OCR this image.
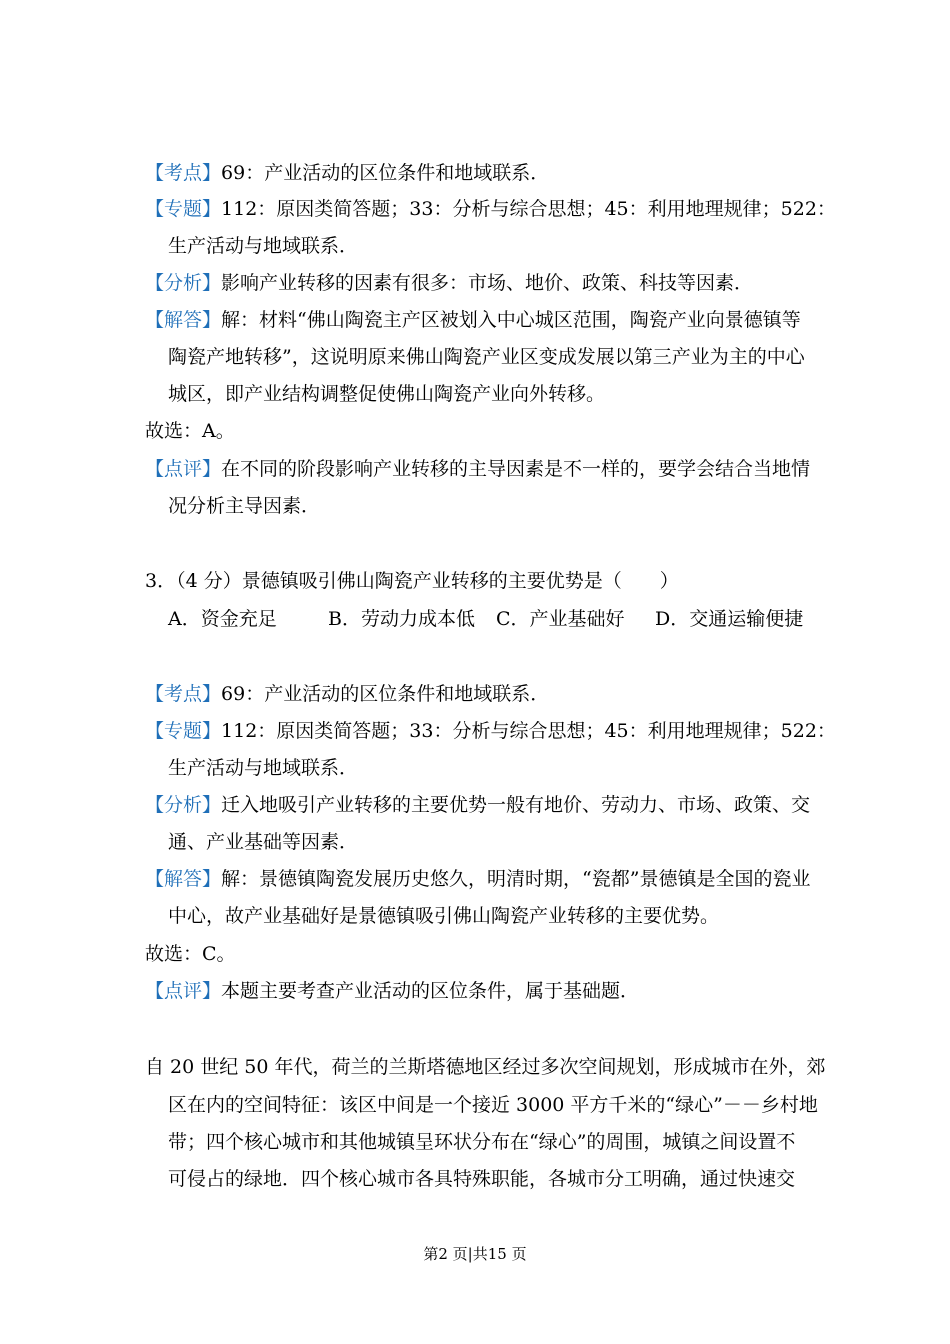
【考点】69：产业活动的区位条件和地域联系．
【专题】112：原因类简答题；33：分析与综合思想；45：利用地理规律；522：
生产活动与地域联系．
【分析】影响产业转移的因素有很多：市场、地价、政策、科技等因素．
【解答】解：材料“佛山陶瓷主产区被划入中心城区范围，陶瓷产业向景德镇等
陶瓷产地转移”，这说明原来佛山陶瓷产业区变成发展以第三产业为主的中心
城区，即产业结构调整促使佛山陶瓷产业向外转移。
故选：A。
【点评】在不同的阶段影响产业转移的主导因素是不一样的，要学会结合当地情
况分析主导因素．
3．（4 分）景德镇吸引佛山陶瓷产业转移的主要优势是（　　）
A．资金充足	B．劳动力成本低 C．产业基础好 D．交通运输便捷
【考点】69：产业活动的区位条件和地域联系．
【专题】112：原因类简答题；33：分析与综合思想；45：利用地理规律；522：
生产活动与地域联系．
【分析】迁入地吸引产业转移的主要优势一般有地价、劳动力、市场、政策、交
通、产业基础等因素．
【解答】解：景德镇陶瓷发展历史悠久，明清时期，“瓷都”景德镇是全国的瓷业
中心，故产业基础好是景德镇吸引佛山陶瓷产业转移的主要优势。
故选：C。
【点评】本题主要考查产业活动的区位条件，属于基础题．
自 20 世纪 50 年代，荷兰的兰斯塔德地区经过多次空间规划，形成城市在外，郊
区在内的空间特征：该区中间是一个接近 3000 平方千米的“绿心”－－乡村地
带；四个核心城市和其他城镇呈环状分布在“绿心”的周围，城镇之间设置不
可侵占的绿地．四个核心城市各具特殊职能，各城市分工明确，通过快速交
第2 页|共15 页
